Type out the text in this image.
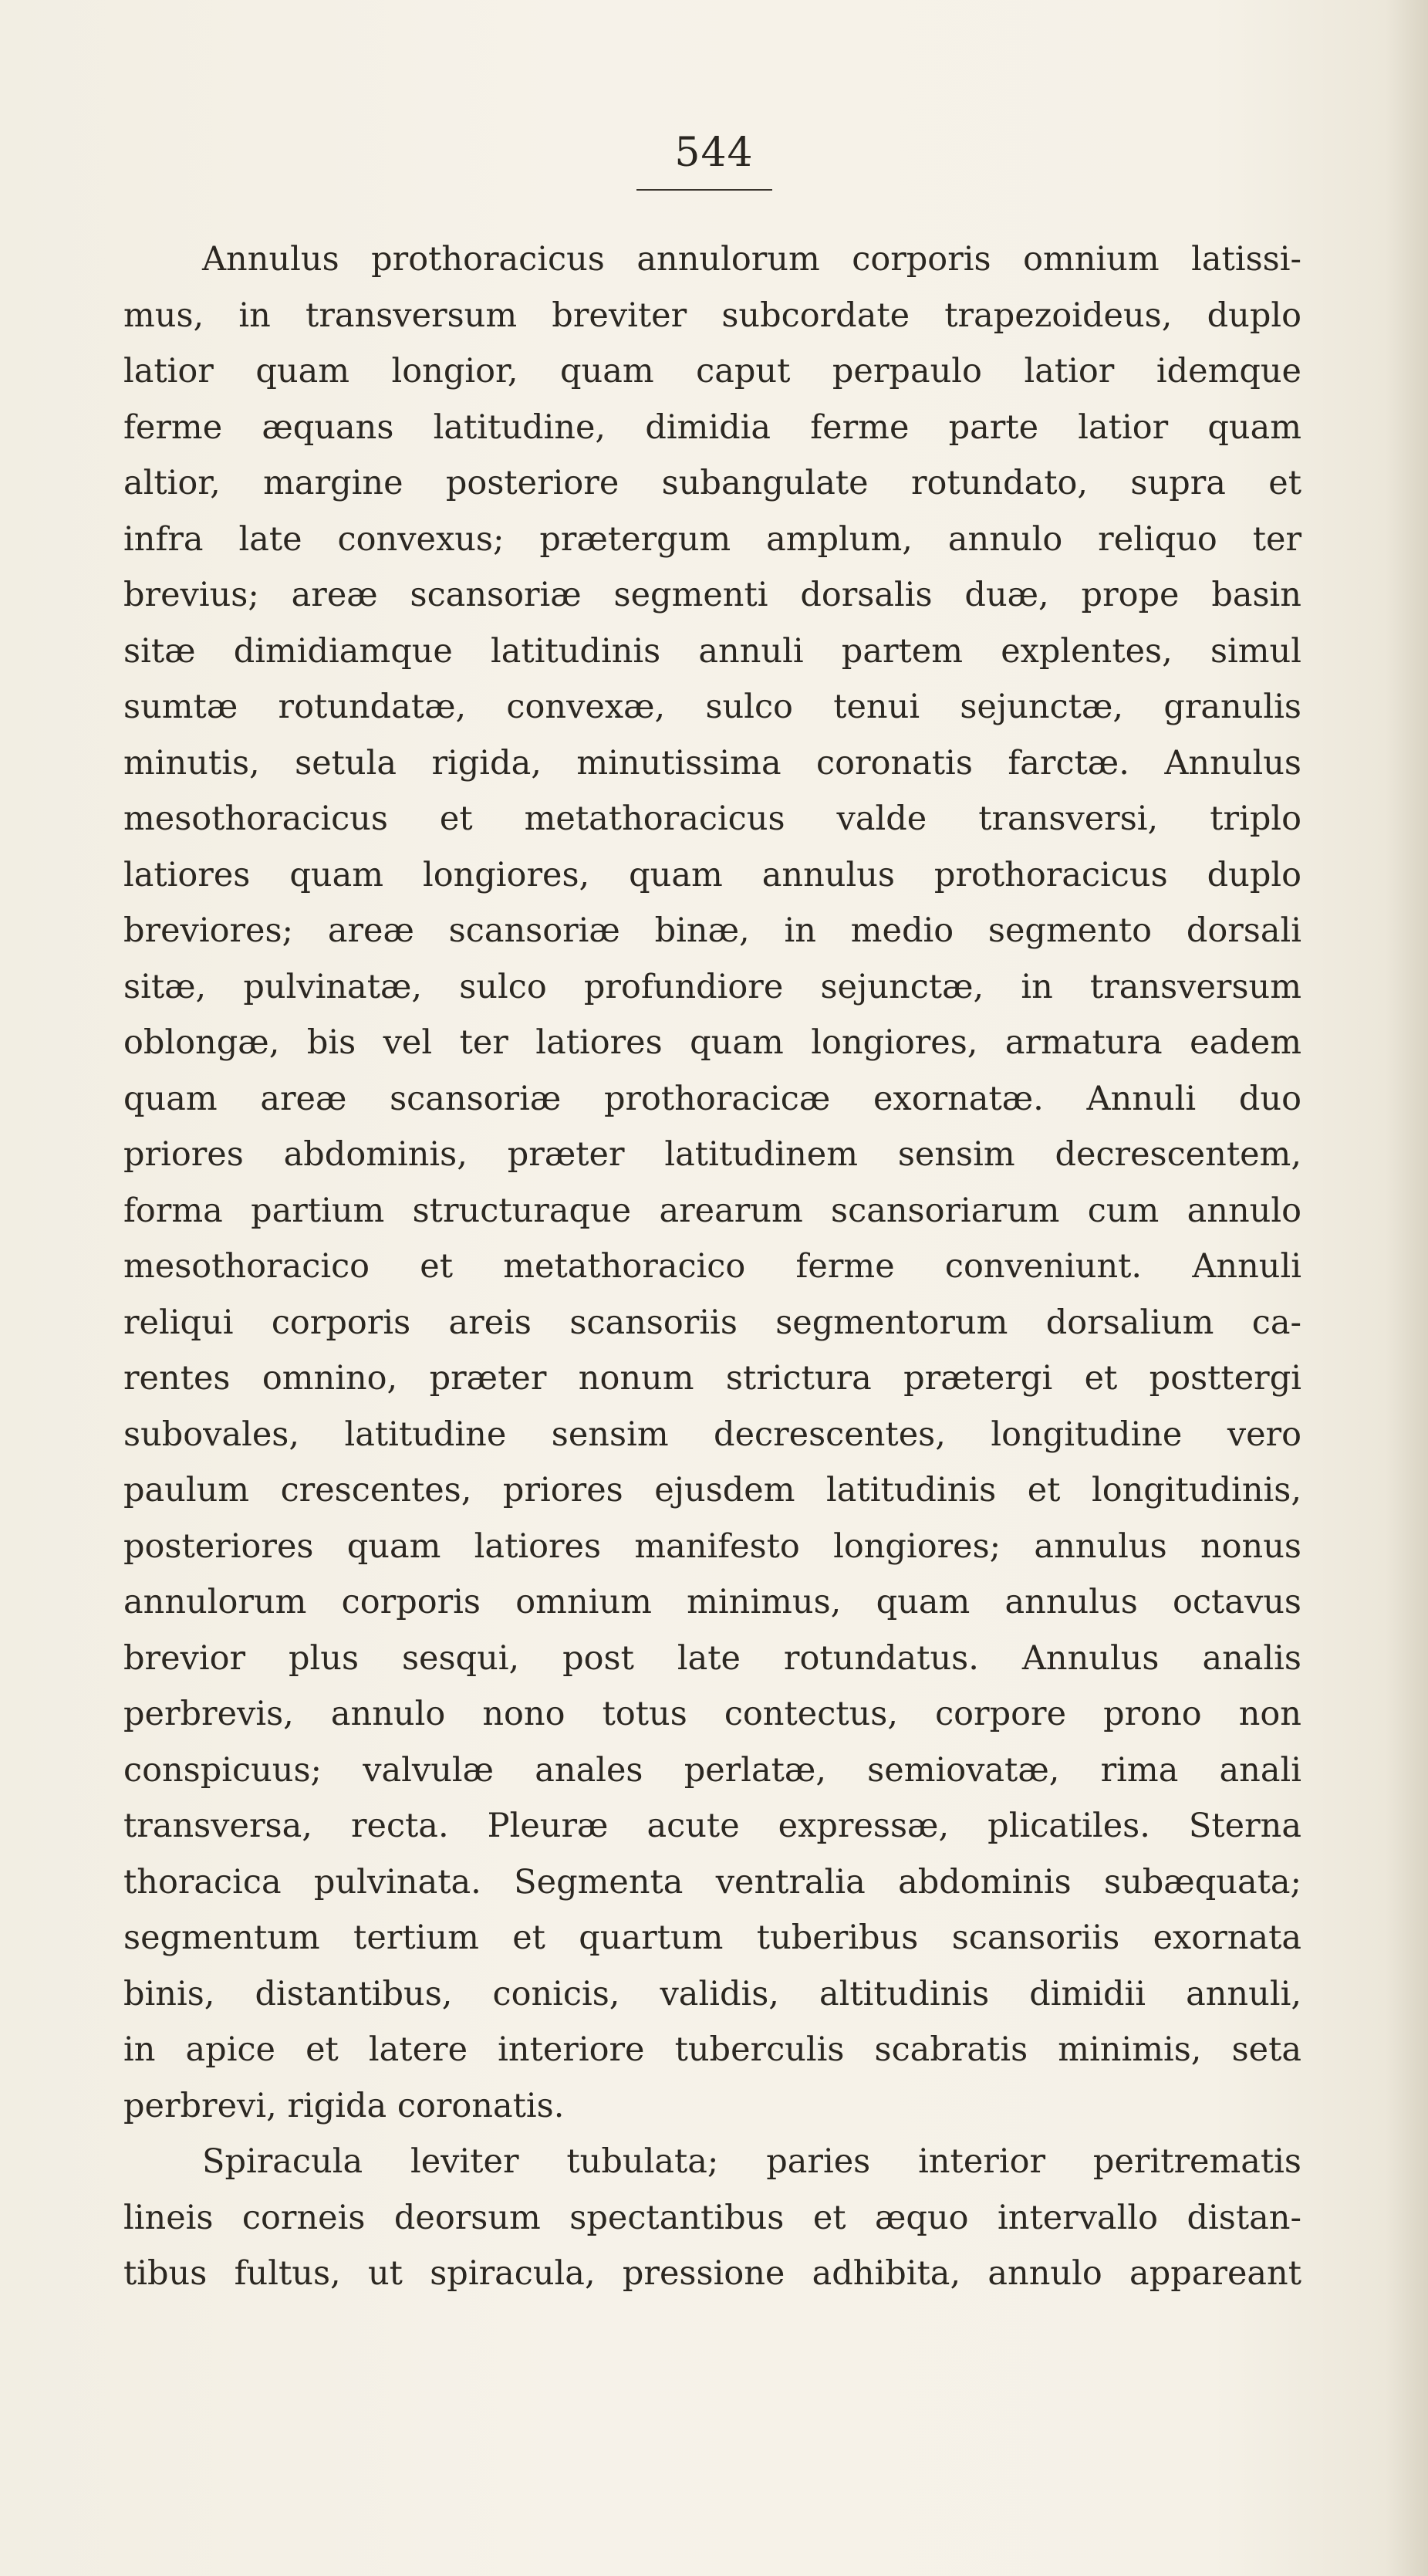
544
Annulus prothoracicus annulorum corporis omnium latissi-
mus, in transversum breviter subcordate trapezoideus, duplo
latior quam longior, quam caput perpaulo latior idemque
ferme æquans latitudine, dimidia ferme parte latior quam
altior, margine posteriore subangulate rotundato, supra et
infra late convexus; prætergum amplum, annulo reliquo ter
brevius; areæ scansoriæ segmenti dorsalis duæ, prope basin
sitæ dimidiamque latitudinis annuli partem explentes, simul
sumtæ rotundatæ, convexæ, sulco tenui sejunctæ, granulis
minutis, setula rigida, minutissima coronatis farctæ. Annulus
mesothoracicus et metathoracicus valde transversi, triplo
latiores quam longiores, quam annulus prothoracicus duplo
breviores; areæ scansoriæ binæ, in medio segmento dorsali
sitæ, pulvinatæ, sulco profundiore sejunctæ, in transversum
oblongæ, bis vel ter latiores quam longiores, armatura eadem
quam areæ scansoriæ prothoracicæ exornatæ. Annuli duo
priores abdominis, præter latitudinem sensim decrescentem,
forma partium structuraque arearum scansoriarum cum annulo
mesothoracico et metathoracico ferme conveniunt. Annuli
reliqui corporis areis scansoriis segmentorum dorsalium ca-
rentes omnino, præter nonum strictura prætergi et posttergi
subovales, latitudine sensim decrescentes, longitudine vero
paulum crescentes, priores ejusdem latitudinis et longitudinis,
posteriores quam latiores manifesto longiores; annulus nonus
annulorum corporis omnium minimus, quam annulus octavus
brevior plus sesqui, post late rotundatus. Annulus analis
perbrevis, annulo nono totus contectus, corpore prono non
conspicuus; valvulæ anales perlatæ, semiovatæ, rima anali
transversa, recta. Pleuræ acute expressæ, plicatiles. Sterna
thoracica pulvinata. Segmenta ventralia abdominis subæquata;
segmentum tertium et quartum tuberibus scansoriis exornata
binis, distantibus, conicis, validis, altitudinis dimidii annuli,
in apice et latere interiore tuberculis scabratis minimis, seta
perbrevi, rigida coronatis.
Spiracula leviter tubulata; paries interior peritrematis
lineis corneis deorsum spectantibus et æquo intervallo distan-
tibus fultus, ut spiracula, pressione adhibita, annulo appareant
